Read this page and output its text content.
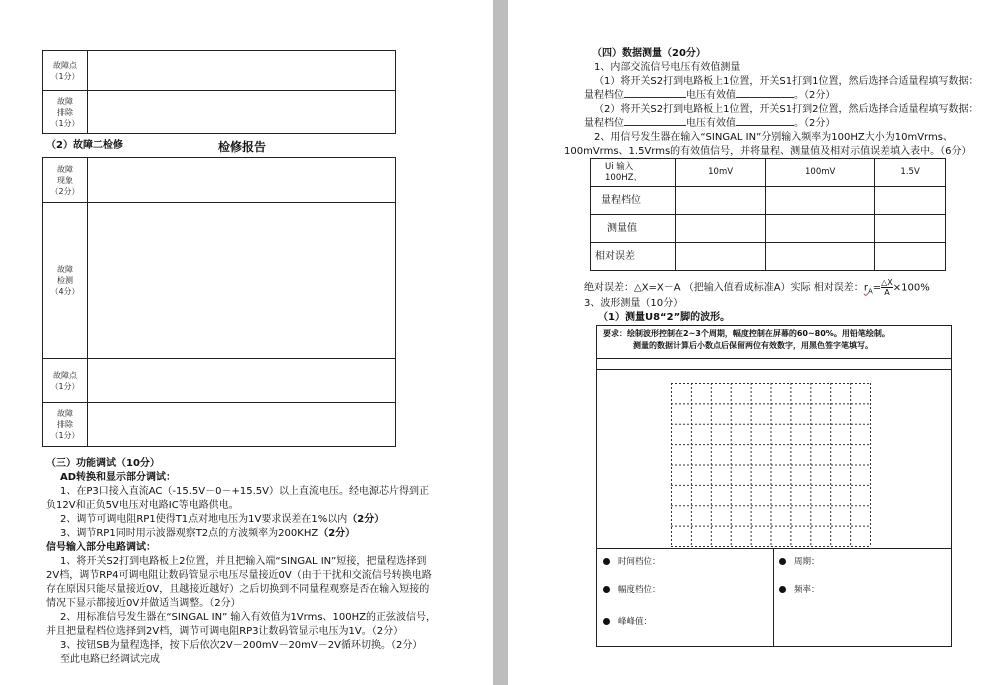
故障点
（1分）	

故障
排除
（1分）	

（2）故障二检修	检修报告
故障
现象
（2分）	

故障
检测
（4分）	

故障点
（1分）	

故障
排除
（1分）	

（三）功能调试（10分）
AD转换和显示部分调试：
1、在P3口接入直流AC（-15.5V－0－+15.5V）以上直流电压。经电源芯片得到正负12V和正负5V电压对电路IC等电路供电。
2、调节可调电阻RP1使得T1点对地电压为1V要求误差在1%以内（2分）
3、调节RP1同时用示波器观察T2点的方波频率为200KHZ（2分）
信号输入部分电路调试：
1、将开关S2打到电路板上2位置，并且把输入端“SINGAL IN”短接，把量程选择到2V档，调节RP4可调电阻让数码管显示电压尽量接近0V（由于干扰和交流信号转换电路存在原因只能尽量接近0V，且越接近越好）之后切换到不同量程观察是否在输入短接的情况下显示都接近0V并做适当调整。（2分）
2、用标准信号发生器在“SINGAL IN” 输入有效值为1Vrms、100HZ的正弦波信号，并且把量程档位选择到2V档，调节可调电阻RP3让数码管显示电压为1V。（2分）
3、按钮SB为量程选择，按下后依次2V－200mV－20mV－2V循环切换。（2分）
至此电路已经调试完成
（四）数据测量（20分）
1、内部交流信号电压有效值测量
（1）将开关S2打到电路板上1位置，开关S1打到1位置，然后选择合适量程填写数据：量程档位	电压有效值	。（2分）
（2）将开关S2打到电路板上1位置，开关S1打到2位置，然后选择合适量程填写数据：量程档位	电压有效值	。（2分）
2、用信号发生器在输入“SINGAL IN”分别输入频率为100HZ大小为10mVrms、100mVrms、1.5Vrms的有效值信号，并将量程、测量值及相对示值误差填入表中。（6分）
Ui 输入
100HZ、	10mV	100mV	1.5V
量程档位			
测量值			
相对误差			
绝对误差：△X=X－A （把输入值看成标准A）实际 相对误差：$r_A= \frac{\triangle X}{A} \times 100\%$
3、波形测量（10分）
（1）测量U8“2”脚的波形。
要求：绘制波形控制在2~3个周期，幅度控制在屏幕的60~80%。用铅笔绘制。
测量的数据计算后小数点后保留两位有效数字，用黑色签字笔填写。
时间档位：	周期：
幅度档位：	频率：
峰峰值：
